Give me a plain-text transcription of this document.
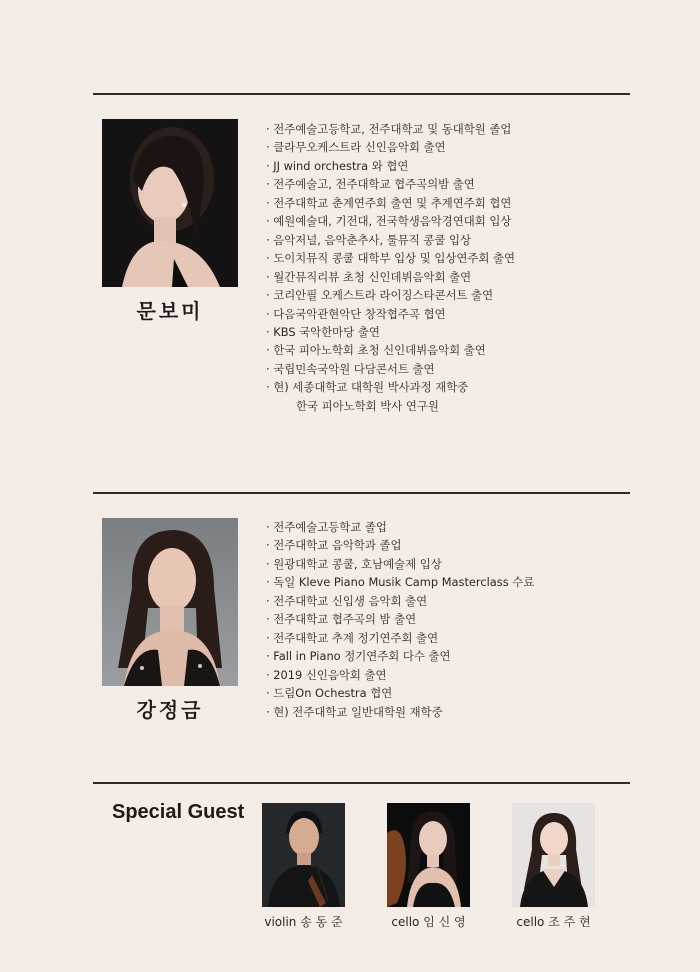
문보미
· 전주예술고등학교, 전주대학교 및 동대학원 졸업
· 클라무오케스트라 신인음악회 출연
· JJ wind orchestra 와 협연
· 전주예술고, 전주대학교 협주곡의밤 출연
· 전주대학교 춘계연주회 출연 및 추계연주회 협연
· 예원예술대, 기전대, 전국학생음악경연대회 입상
· 음악저널, 음악춘추사, 툴뮤직 콩쿨 입상
· 도이치뮤직 콩쿨 대학부 입상 및 입상연주회 출연
· 월간뮤직리뷰 초청 신인데뷔음악회 출연
· 코리안필 오케스트라 라이징스타콘서트 출연
· 다음국악관현악단 창작협주곡 협연
· KBS 국악한마당 출연
· 한국 피아노학회 초청 신인데뷔음악회 출연
· 국립민속국악원 다담콘서트 출연
· 현) 세종대학교 대학원 박사과정 재학중
한국 피아노학회 박사 연구원
강정금
· 전주예술고등학교 졸업
· 전주대학교 음악학과 졸업
· 원광대학교 콩쿨, 호남예술제 입상
· 독일 Kleve Piano Musik Camp Masterclass 수료
· 전주대학교 신입생 음악회 출연
· 전주대학교 협주곡의 밤 출연
· 전주대학교 추계 정기연주회 출연
· Fall in Piano 정기연주회 다수 출연
· 2019 신인음악회 출연
· 드림On Ochestra 협연
· 현) 전주대학교 일반대학원 재학중
Special Guest
violin 송 동 준	cello 임 신 영	cello 조 주 현
